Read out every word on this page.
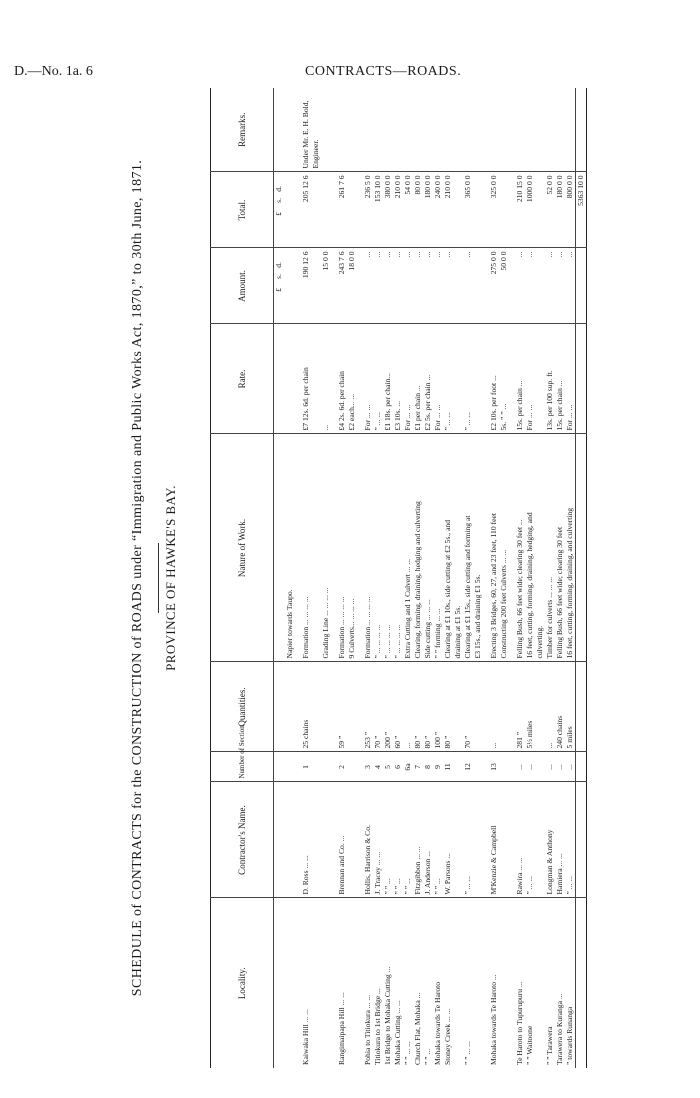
D.—No. 1a. 6	CONTRACTS—ROADS.
SCHEDULE of CONTRACTS for the CONSTRUCTION of ROADS under “Immigration and Public Works Act, 1870,” to 30th June, 1871. PROVINCE OF HAWKE'S BAY.
Locality.	Contractor's Name.	Number of Section.	Quantities.	Nature of Work.	Rate.	Amount.	Total.	Remarks.
						£ s. d.	£ s. d.	
				Napier towards Taupo.				

Kaiwaka Hill ... ...	D. Ross ... ...	1	25 chains	Formation ... ... ... ...	£7 12s. 6d. per chain	190 12 6	205 12 6	Under Mr. E. H. Bold, Engineer.
				Grading Line ... ... ... ...	...	15 0 0		

Rangimaipapa Hill ... ...	Brennan and Co. ...	2	59 ”	Formation ... ... ... ...	£4 2s. 6d. per chain	243 7 6	261 7 6	
				9 Culverts... ... ... ...	£2 each... ...	18 0 0		

Pohia to Titiokura ... ...	Hollis, Harrison & Co.	3	253 ”	Formation ... ... ... ...	For ... ...	...	236 5 0	
Titiokura to 1st Bridge ...	J. Tracey ... ...	4	70 ”	” ... ... ... ...	” ... ...	...	153 10 0	
1st Bridge to Mohaka Cutting ...	” ” ...	5	200 ”	” ... ... ... ...	£1 18s. per chain...	...	380 0 0	
Mohaka Cutting ... ...	” ” ...	6	60 ”	” ... ... ... ...	£3 10s. ...	...	210 0 0	
” ” ... ...	” ” ...	6a	...	Extra Cutting and 1 Culvert ... ...	For ... ...	...	54 0 0	
Church Flat, Mohaka ...	Fitzgibbon ... ...	7	80 ”	Clearing, forming, draining, hedging and culverting	£1 per chain ...	...	80 0 0	
” ” ...	J. Anderson ...	8	80 ”	Side cutting ... ... ...	£2 5s. per chain ...	...	180 0 0	
Mohaka towards Te Haroto	” ” ...	9	100 ”	” ” forming ... ...	For ... ...	...	240 0 0	
Stoney Creek ... ...	W. Parsons ...	11	80 ”	Clearing at £1 10s., side cutting at £2 5s., and	” ... ...	...	210 0 0	
				draining at £1 5s.				
” ” ... ...	” ... ...	12	70 ”	Clearing at £1 15s., side cutting and forming at	” ... ...	...	365 0 0	
				£3 15s., and draining £1 5s.				

Mohaka towards Te Haroto ...	M'Kenzie & Campbell	13	...	Erecting 3 Bridges, 60, 27, and 23 feet, 110 feet	£2 10s. per foot ...	275 0 0	325 0 0	
				Constructing 200 feet Culverts ... ...	5s. ” ” ...	50 0 0		

Te Haroto to Tupurupuru ...	Rawira ... ...	...	281 ”	Felling Bush, 66 feet wide; clearing 30 feet ...	15s. per chain ...	...	210 15 0	
” ” Waitoone	” ... ...	...	5½ miles	16 feet, cutting, forming, draining, hedging, and	For ... ...	...	1000 0 0	
				culverting.				
” ” Tarawera	Longman & Anthony	...	...	Timber for culverts ... ... ...	13s. per 100 sup. ft.	...	52 0 0	
Tarawera to Kuranga ...	Hamiera ... ...	...	240 chains	Felling Bush, 66 feet wide; clearing 30 feet	15s. per chain ...	...	180 0 0	
” towards Runanga	” ... ...	...	5 miles	16 feet, cutting, forming, draining, and culverting	For ... ...	...	800 0 0	
							5363 10 0	
